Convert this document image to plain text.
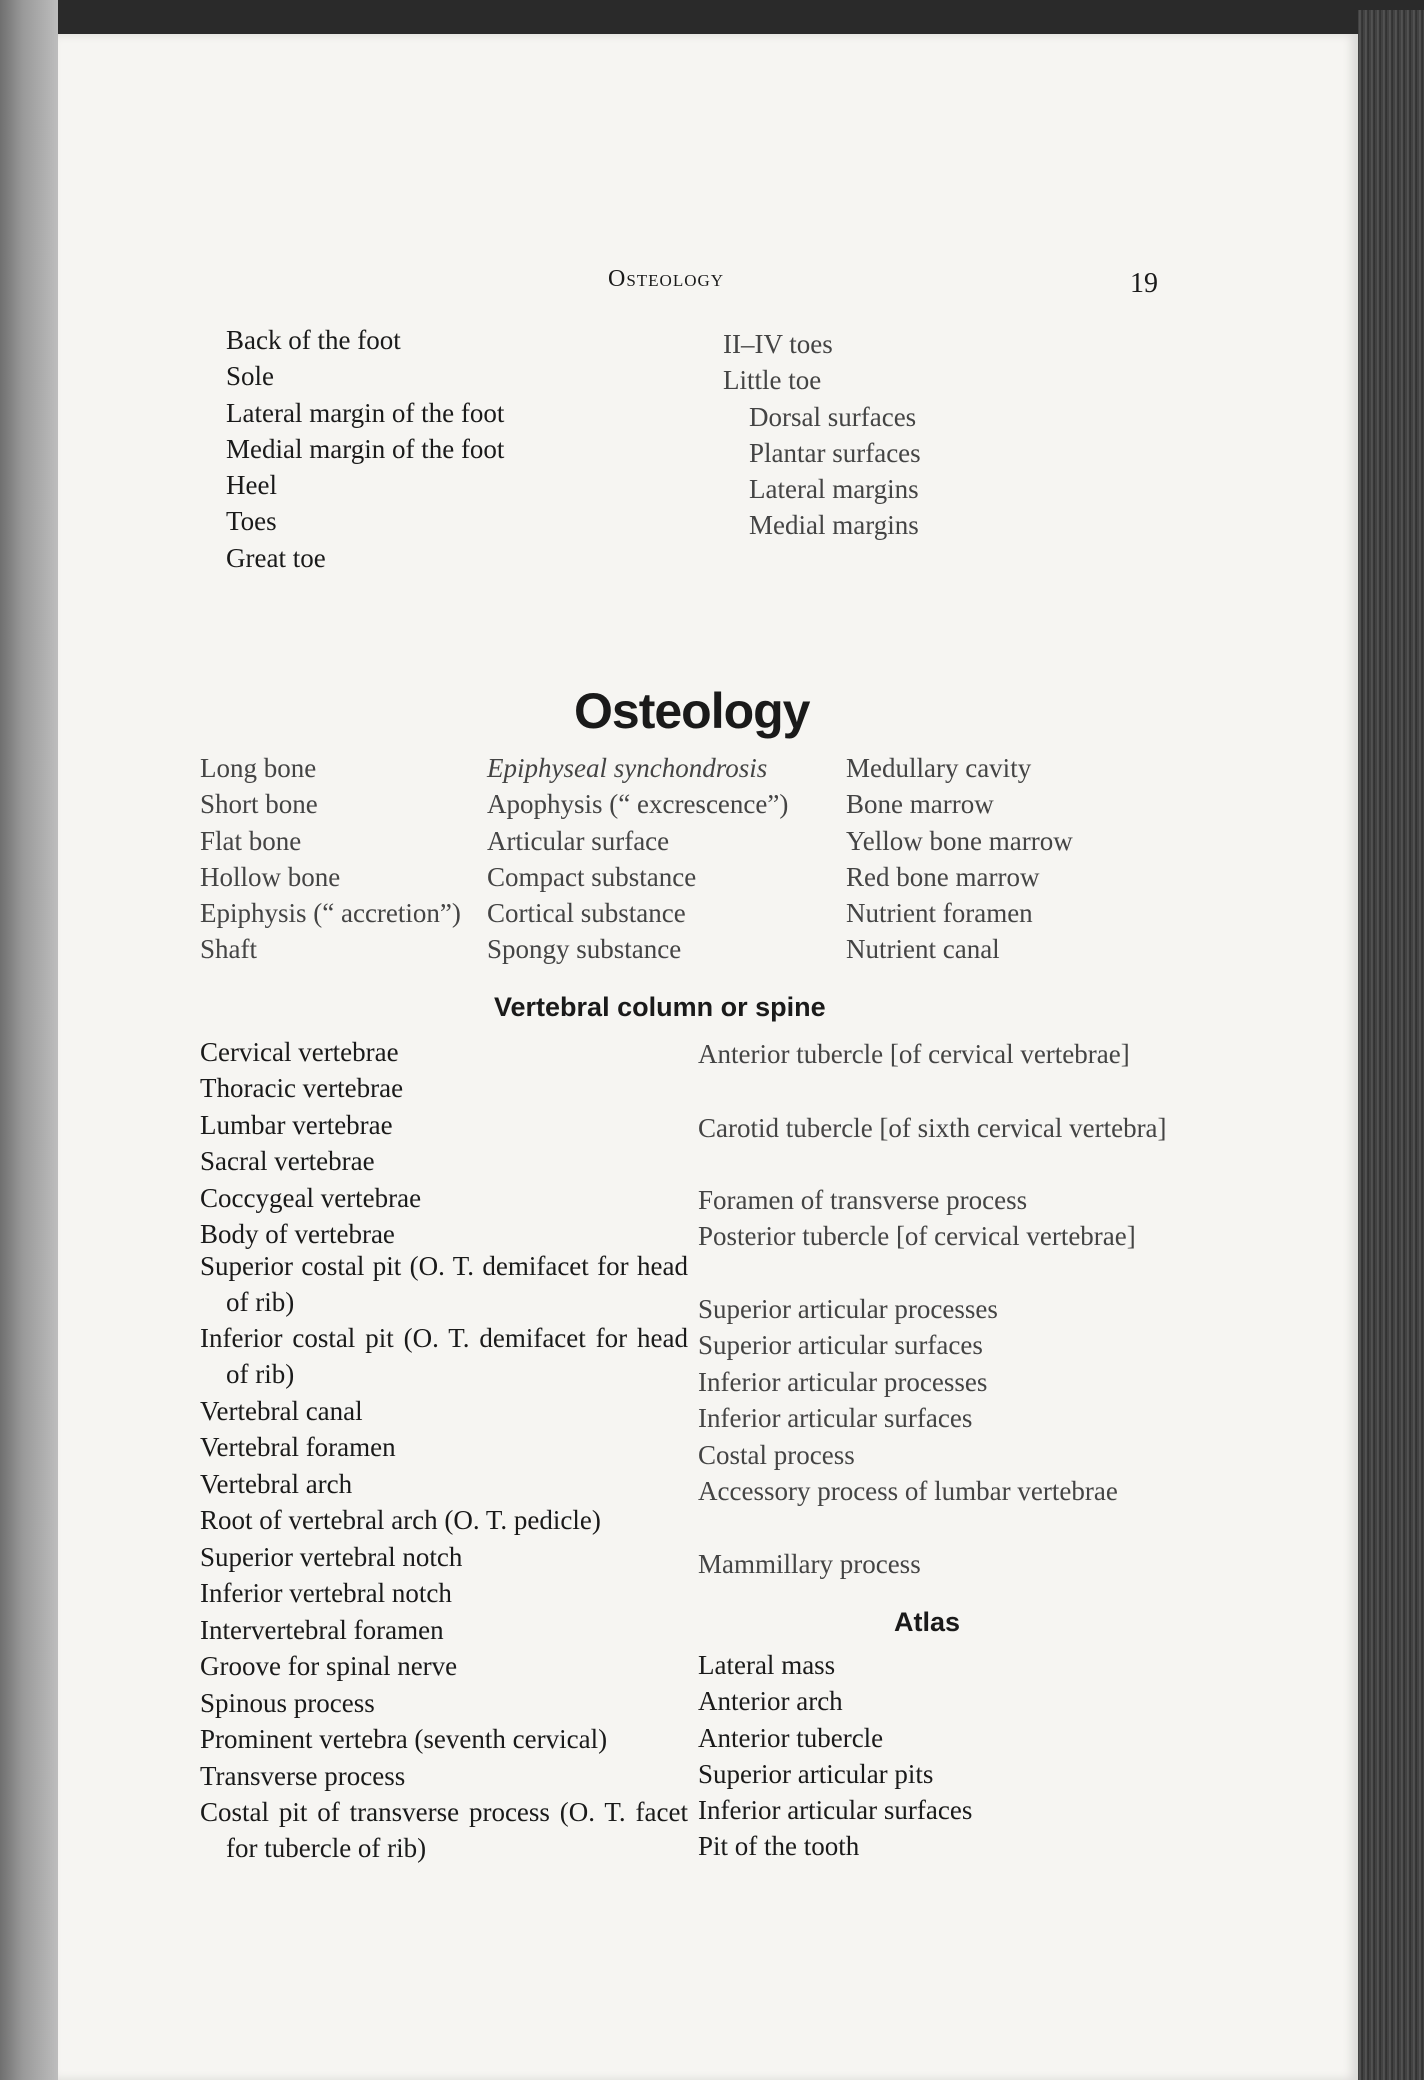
Osteology	19
Back of the foot
Sole
Lateral margin of the foot
Medial margin of the foot
Heel
Toes
Great toe
II–IV toes
Little toe
Dorsal surfaces
Plantar surfaces
Lateral margins
Medial margins
Osteology
Long bone
Short bone
Flat bone
Hollow bone
Epiphysis (“ accretion”)
Shaft
Epiphyseal synchondrosis
Apophysis (“ excrescence”)
Articular surface
Compact substance
Cortical substance
Spongy substance
Medullary cavity
Bone marrow
Yellow bone marrow
Red bone marrow
Nutrient foramen
Nutrient canal
Vertebral column or spine
Cervical vertebrae
Thoracic vertebrae
Lumbar vertebrae
Sacral vertebrae
Coccygeal vertebrae
Body of vertebrae
Superior costal pit (O. T. demifacet for head of rib)
Inferior costal pit (O. T. demifacet for head of rib)
Vertebral canal
Vertebral foramen
Vertebral arch
Root of vertebral arch (O. T. pedicle)
Superior vertebral notch
Inferior vertebral notch
Intervertebral foramen
Groove for spinal nerve
Spinous process
Prominent vertebra (seventh cervical)
Transverse process
Costal pit of transverse process (O. T. facet for tubercle of rib)
Anterior tubercle [of cervical vertebrae]
Carotid tubercle [of sixth cervical vertebra]
Foramen of transverse process
Posterior tubercle [of cervical vertebrae]
Superior articular processes
Superior articular surfaces
Inferior articular processes
Inferior articular surfaces
Costal process
Accessory process of lumbar vertebrae
Mammillary process
Atlas
Lateral mass
Anterior arch
Anterior tubercle
Superior articular pits
Inferior articular surfaces
Pit of the tooth
